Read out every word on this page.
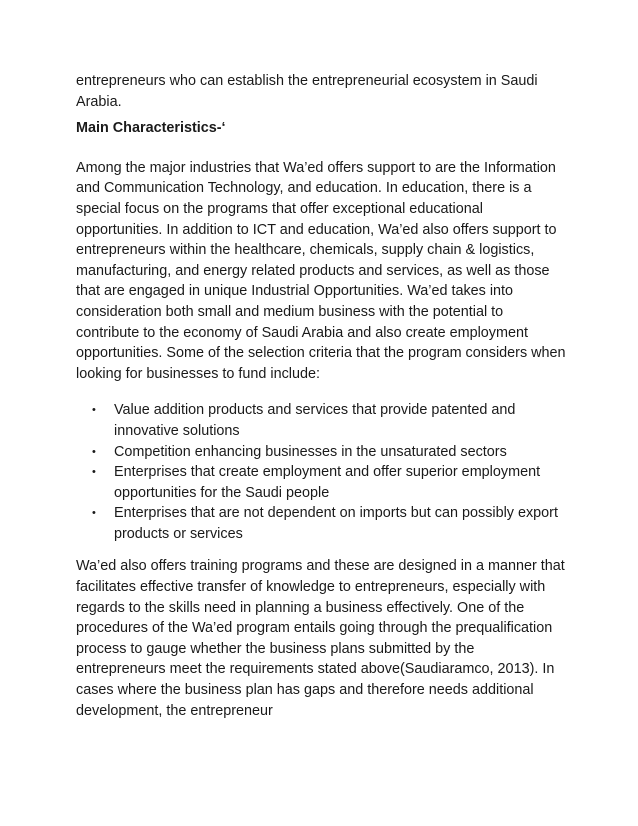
entrepreneurs who can establish the entrepreneurial ecosystem in Saudi Arabia.

Main Characteristics-‘

Among the major industries that Wa’ed offers support to are the Information and Communication Technology, and education. In education, there is a special focus on the programs that offer exceptional educational opportunities. In addition to ICT and education, Wa’ed also offers support to entrepreneurs within the healthcare, chemicals, supply chain & logistics, manufacturing, and energy related products and services, as well as those that are engaged in unique Industrial Opportunities. Wa’ed takes into consideration both small and medium business with the potential to contribute to the economy of Saudi Arabia and also create employment opportunities. Some of the selection criteria that the program considers when looking for businesses to fund include:

• Value addition products and services that provide patented and innovative solutions
• Competition enhancing businesses in the unsaturated sectors
• Enterprises that create employment and offer superior employment opportunities for the Saudi people
• Enterprises that are not dependent on imports but can possibly export products or services

Wa’ed also offers training programs and these are designed in a manner that facilitates effective transfer of knowledge to entrepreneurs, especially with regards to the skills need in planning a business effectively. One of the procedures of the Wa’ed program entails going through the prequalification process to gauge whether the business plans submitted by the entrepreneurs meet the requirements stated above(Saudiaramco, 2013). In cases where the business plan has gaps and therefore needs additional development, the entrepreneur
